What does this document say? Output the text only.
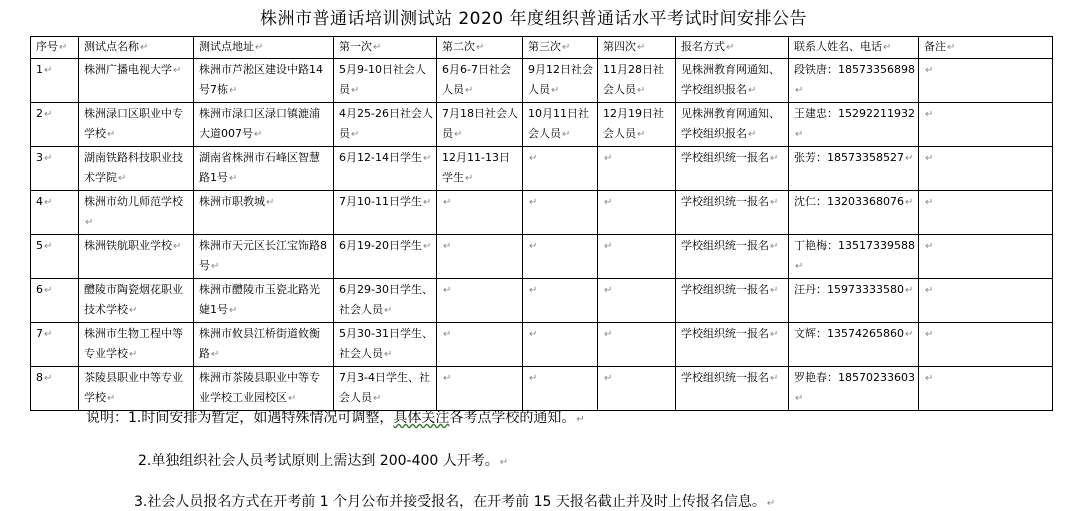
株洲市普通话培训测试站 2020 年度组织普通话水平考试时间安排公告
序号↵	测试点名称↵	测试点地址↵	第一次↵	第二次↵	第三次↵	第四次↵	报名方式↵	联系人姓名、电话↵	备注↵
1↵	株洲广播电视大学↵	株洲市芦淞区建设中路14号7栋↵	5月9-10日社会人员↵	6月6-7日社会人员↵	9月12日社会人员↵	11月28日社会人员↵	见株洲教育网通知、学校组织报名↵	段铁唐：18573356898↵	↵
2↵	株洲渌口区职业中专学校↵	株洲市渌口区渌口镇漉浦大道007号↵	4月25-26日社会人员↵	7月18日社会人员↵	10月11日社会人员↵	12月19日社会人员↵	见株洲教育网通知、学校组织报名↵	王建忠：15292211932↵	↵
3↵	湖南铁路科技职业技术学院↵	湖南省株洲市石峰区智慧路1号↵	6月12-14日学生↵	12月11-13日学生↵	↵	↵	学校组织统一报名↵	张芳：18573358527↵	↵
4↵	株洲市幼儿师范学校↵	株洲市职教城↵	7月10-11日学生↵	↵	↵	↵	学校组织统一报名↵	沈仁：13203368076↵	↵
5↵	株洲铁航职业学校↵	株洲市天元区长江宝饰路8号↵	6月19-20日学生↵	↵	↵	↵	学校组织统一报名↵	丁艳梅：13517339588↵	↵
6↵	醴陵市陶瓷烟花职业技术学校↵	株洲市醴陵市玉瓷北路光婕1号↵	6月29-30日学生、社会人员↵	↵	↵	↵	学校组织统一报名↵	汪丹：15973333580↵	↵
7↵	株洲市生物工程中等专业学校↵	株洲市攸县江桥街道攸衡路↵	5月30-31日学生、社会人员↵	↵	↵	↵	学校组织统一报名↵	文辉：13574265860↵	↵
8↵	茶陵县职业中等专业学校↵	株洲市茶陵县职业中等专业学校工业园校区↵	7月3-4日学生、社会人员↵	↵	↵	↵	学校组织统一报名↵	罗艳春：18570233603↵	↵
说明：1.时间安排为暂定，如遇特殊情况可调整，具体关注各考点学校的通知。↵
2.单独组织社会人员考试原则上需达到 200-400 人开考。↵
3.社会人员报名方式在开考前 1 个月公布并接受报名，在开考前 15 天报名截止并及时上传报名信息。↵
